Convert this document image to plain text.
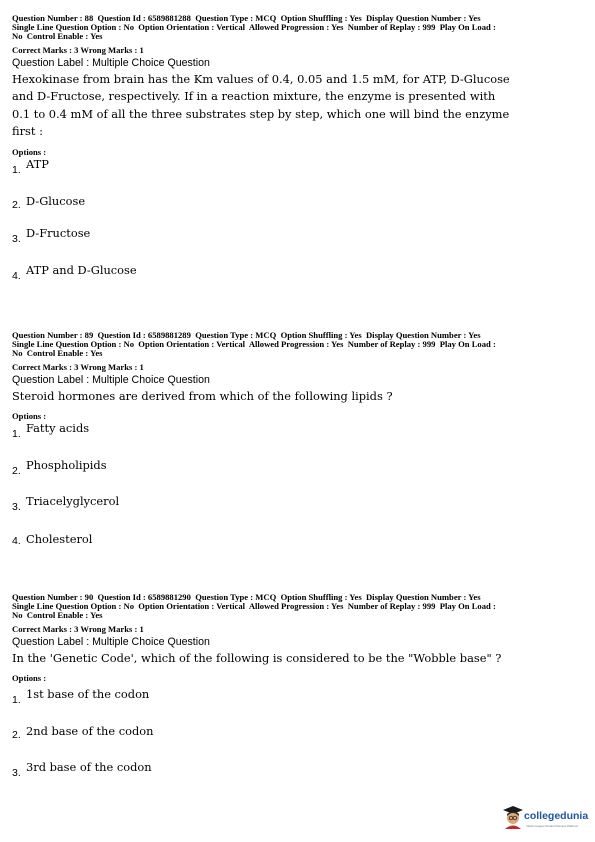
Question Number : 88  Question Id : 6589881288  Question Type : MCQ  Option Shuffling : Yes  Display Question Number : Yes
Single Line Question Option : No  Option Orientation : Vertical  Allowed Progression : Yes  Number of Replay : 999  Play On Load :
No  Control Enable : Yes
Correct Marks : 3 Wrong Marks : 1
Question Label : Multiple Choice Question
Hexokinase from brain has the Km values of 0.4, 0.05 and 1.5 mM, for ATP, D-Glucose and D-Fructose, respectively. If in a reaction mixture, the enzyme is presented with 0.1 to 0.4 mM of all the three substrates step by step, which one will bind the enzyme first :
Options :
1. ATP
2. D-Glucose
3. D-Fructose
4. ATP and D-Glucose
Question Number : 89  Question Id : 6589881289  Question Type : MCQ  Option Shuffling : Yes  Display Question Number : Yes
Single Line Question Option : No  Option Orientation : Vertical  Allowed Progression : Yes  Number of Replay : 999  Play On Load :
No  Control Enable : Yes
Correct Marks : 3 Wrong Marks : 1
Question Label : Multiple Choice Question
Steroid hormones are derived from which of the following lipids ?
Options :
1. Fatty acids
2. Phospholipids
3. Triacelyglycerol
4. Cholesterol
Question Number : 90  Question Id : 6589881290  Question Type : MCQ  Option Shuffling : Yes  Display Question Number : Yes
Single Line Question Option : No  Option Orientation : Vertical  Allowed Progression : Yes  Number of Replay : 999  Play On Load :
No  Control Enable : Yes
Correct Marks : 3 Wrong Marks : 1
Question Label : Multiple Choice Question
In the 'Genetic Code', which of the following is considered to be the "Wobble base" ?
Options :
1. 1st base of the codon
2. 2nd base of the codon
3. 3rd base of the codon
collegedunia
India's largest Student Review Platform
